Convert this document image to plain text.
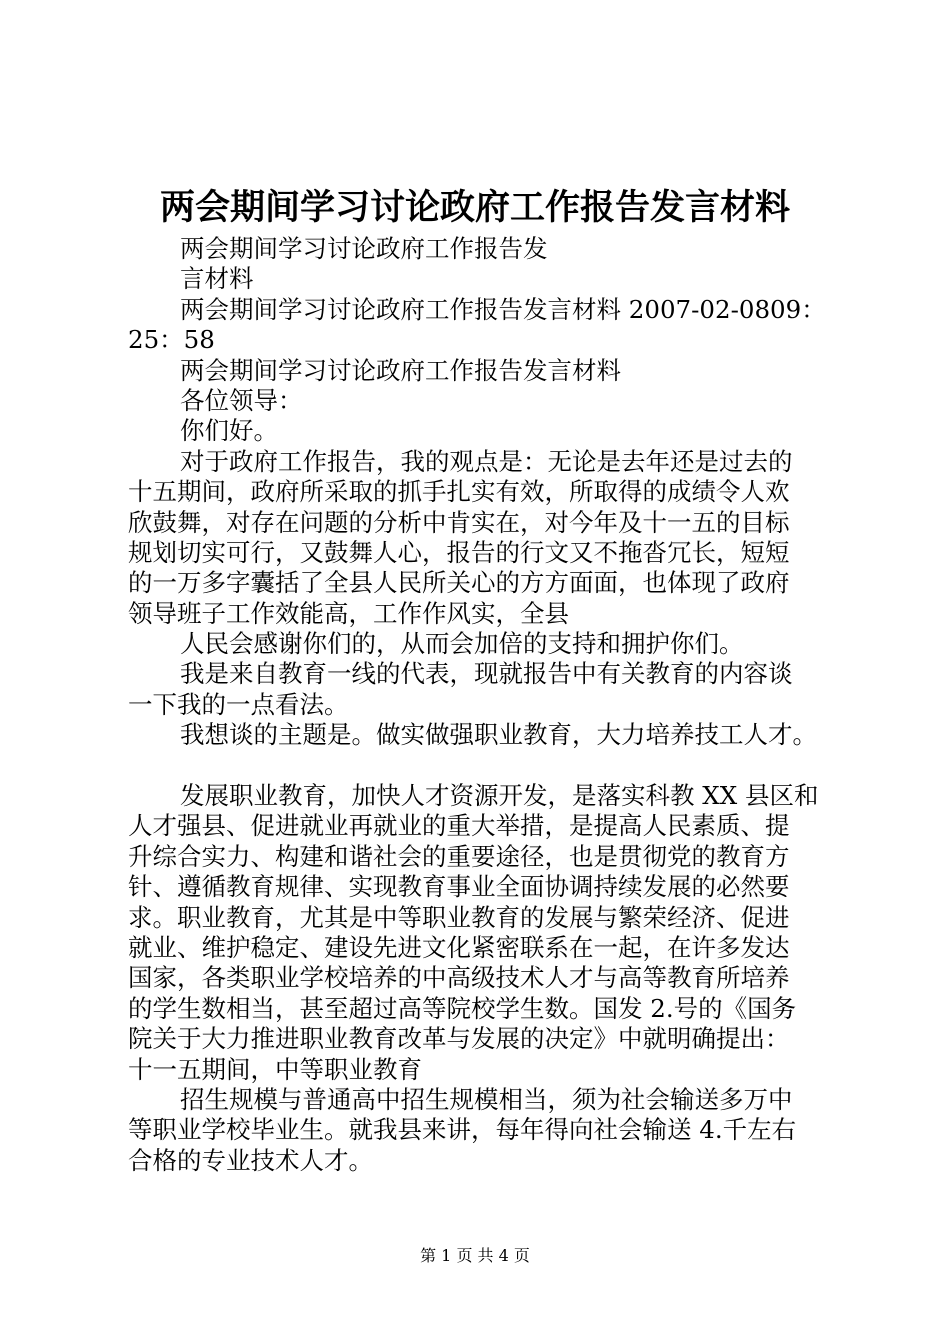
两会期间学习讨论政府工作报告发言材料
两会期间学习讨论政府工作报告发
言材料
两会期间学习讨论政府工作报告发言材料 2007-02-0809：
25：58
两会期间学习讨论政府工作报告发言材料
各位领导：
你们好。
对于政府工作报告，我的观点是：无论是去年还是过去的
十五期间，政府所采取的抓手扎实有效，所取得的成绩令人欢
欣鼓舞，对存在问题的分析中肯实在，对今年及十一五的目标
规划切实可行，又鼓舞人心，报告的行文又不拖沓冗长，短短
的一万多字囊括了全县人民所关心的方方面面，也体现了政府
领导班子工作效能高，工作作风实，全县
人民会感谢你们的，从而会加倍的支持和拥护你们。
我是来自教育一线的代表，现就报告中有关教育的内容谈
一下我的一点看法。
我想谈的主题是。做实做强职业教育，大力培养技工人才。
发展职业教育，加快人才资源开发，是落实科教 XX 县区和
人才强县、促进就业再就业的重大举措，是提高人民素质、提
升综合实力、构建和谐社会的重要途径，也是贯彻党的教育方
针、遵循教育规律、实现教育事业全面协调持续发展的必然要
求。职业教育，尤其是中等职业教育的发展与繁荣经济、促进
就业、维护稳定、建设先进文化紧密联系在一起，在许多发达
国家，各类职业学校培养的中高级技术人才与高等教育所培养
的学生数相当，甚至超过高等院校学生数。国发 2.号的《国务
院关于大力推进职业教育改革与发展的决定》中就明确提出：
十一五期间，中等职业教育
招生规模与普通高中招生规模相当，须为社会输送多万中
等职业学校毕业生。就我县来讲，每年得向社会输送 4.千左右
合格的专业技术人才。
第 1 页 共 4 页
